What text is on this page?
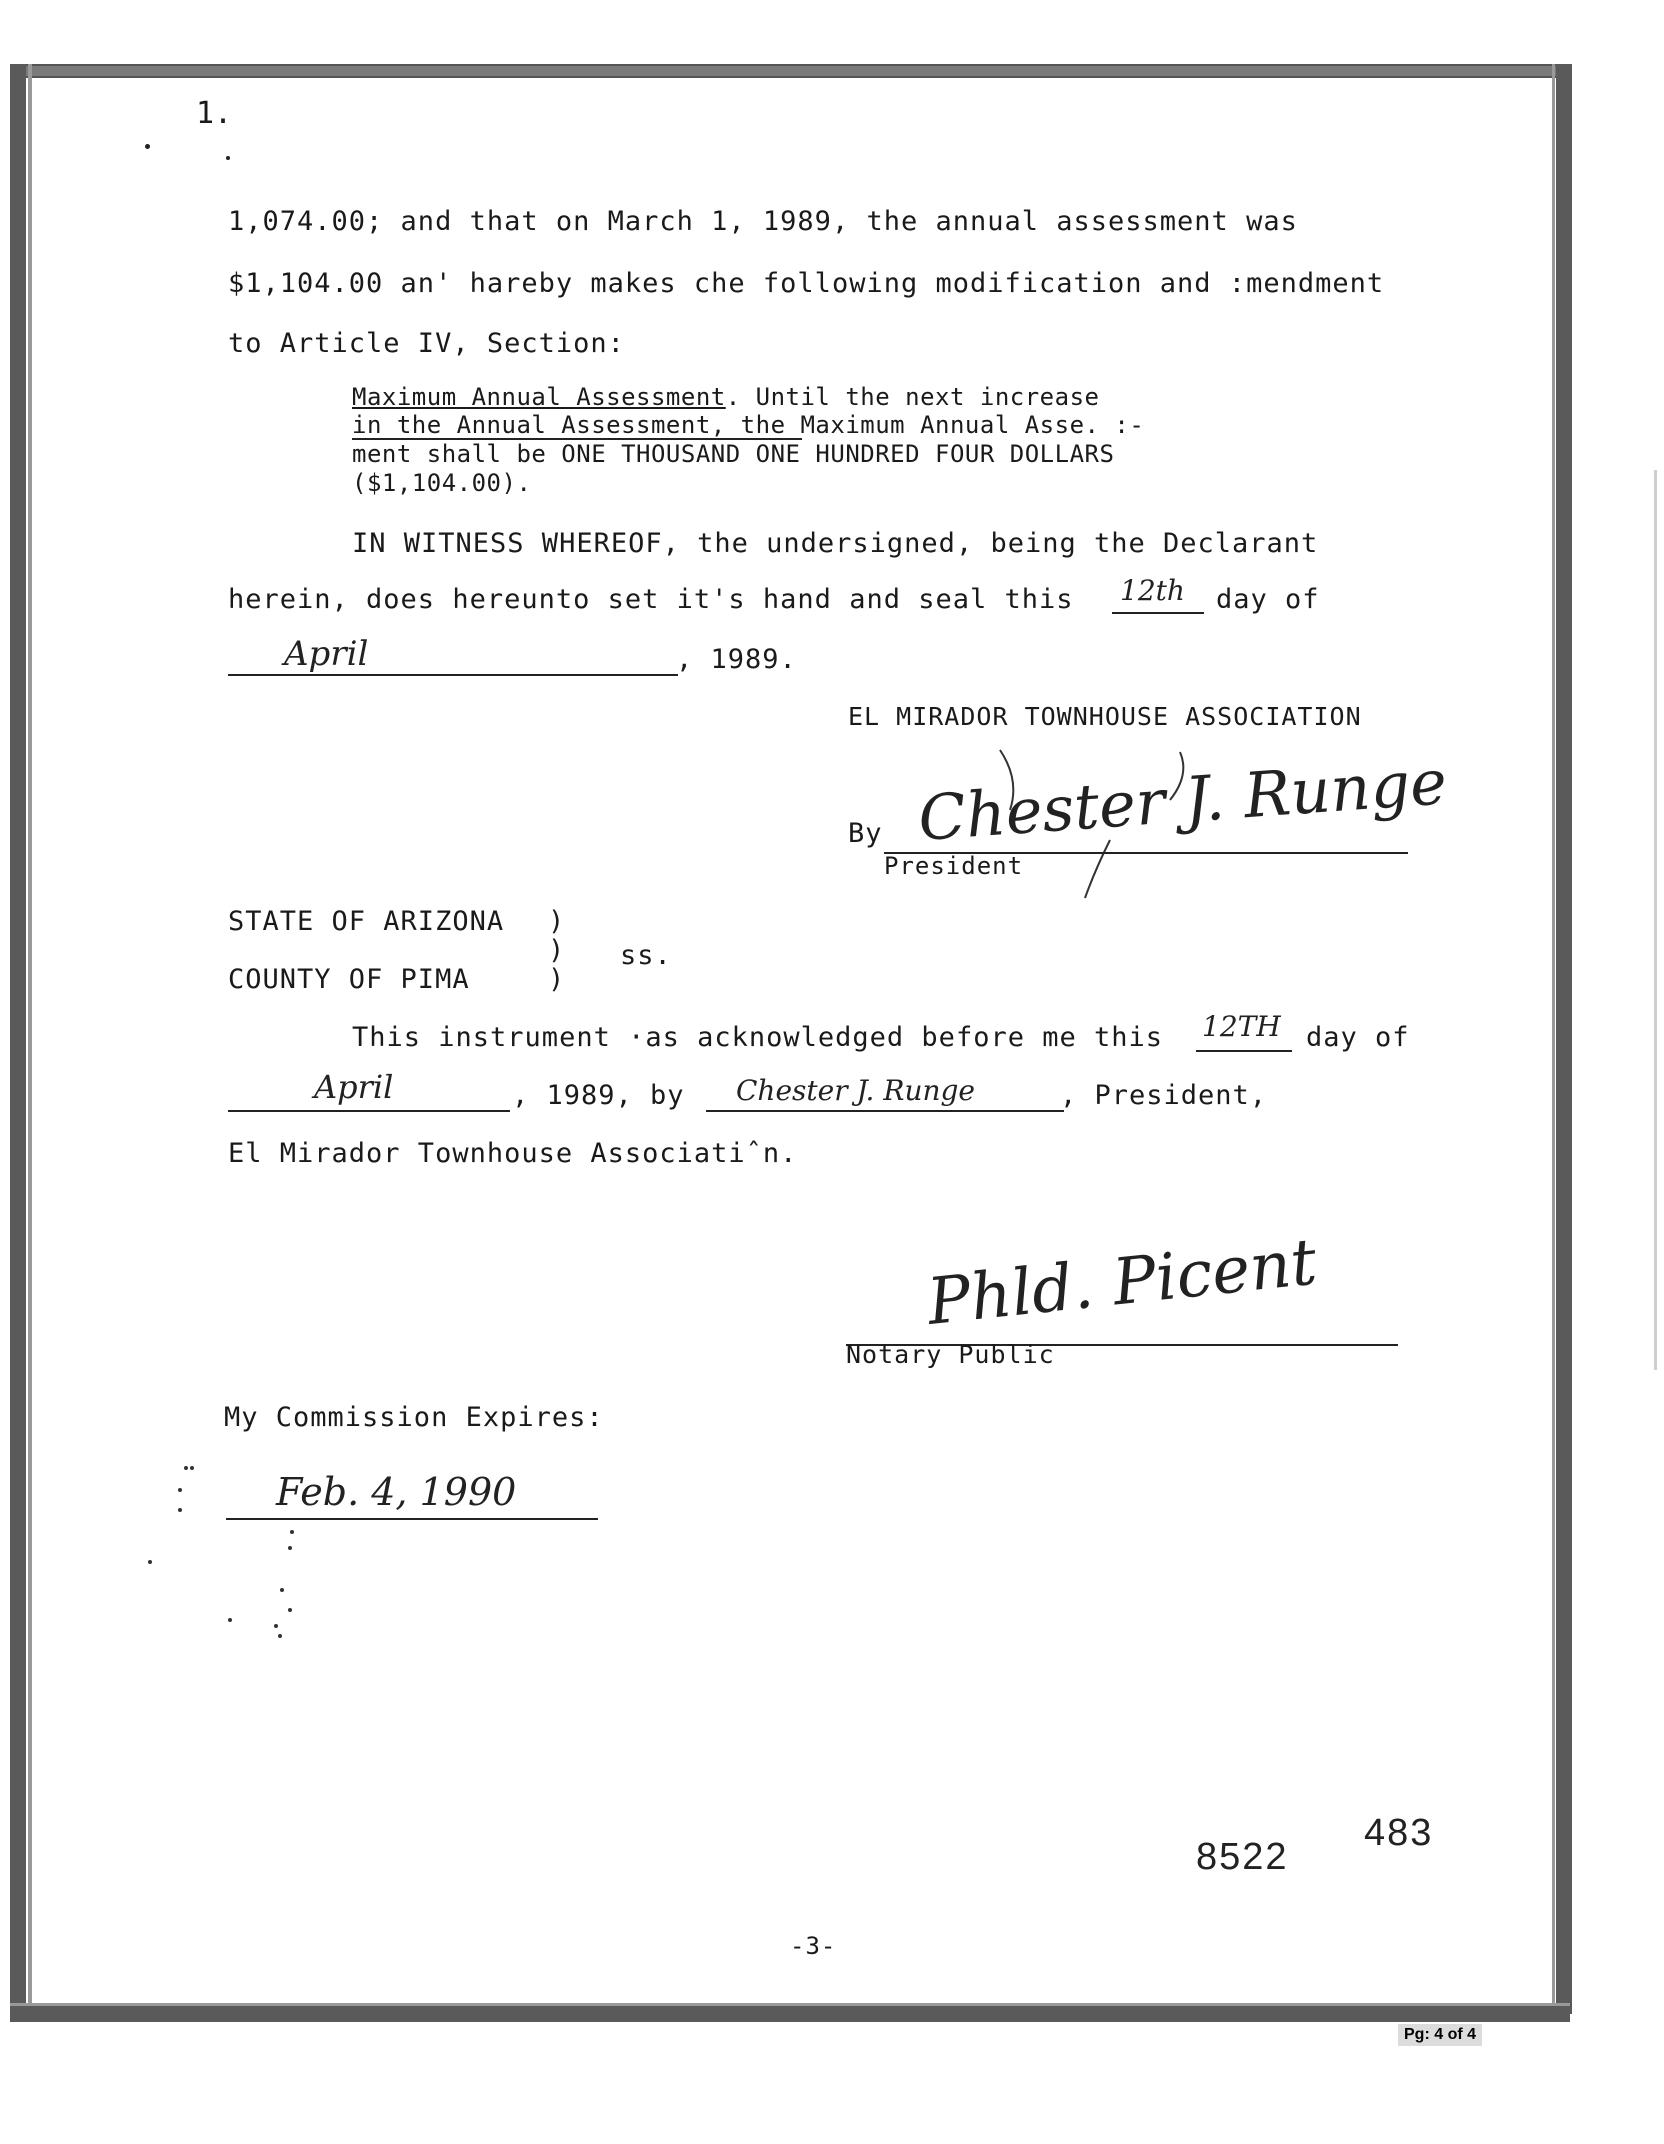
1.
1,074.00; and that on March 1, 1989, the annual assessment was
$1,104.00 an' hareby makes che following modification and :mendment
to Article IV, Section:
Maximum Annual Assessment. Until the next increase
in the Annual Assessment, the Maximum Annual Asse. :-
ment shall be ONE THOUSAND ONE HUNDRED FOUR DOLLARS
($1,104.00).
IN WITNESS WHEREOF, the undersigned, being the Declarant
herein, does hereunto set it's hand and seal this 12th day of
April	, 1989.
EL MIRADOR TOWNHOUSE ASSOCIATION
By Chester J. Runge
President
STATE OF ARIZONA
COUNTY OF PIMA
)
)
)
ss.
This instrument ·as acknowledged before me this 12TH day of
April	, 1989, by Chester J. Runge	, President,
El Mirador Townhouse Associatiˆn.
Phld. Picent
Notary Public
My Commission Expires:
Feb. 4, 1990
8522
483
-3-
Pg: 4 of 4
